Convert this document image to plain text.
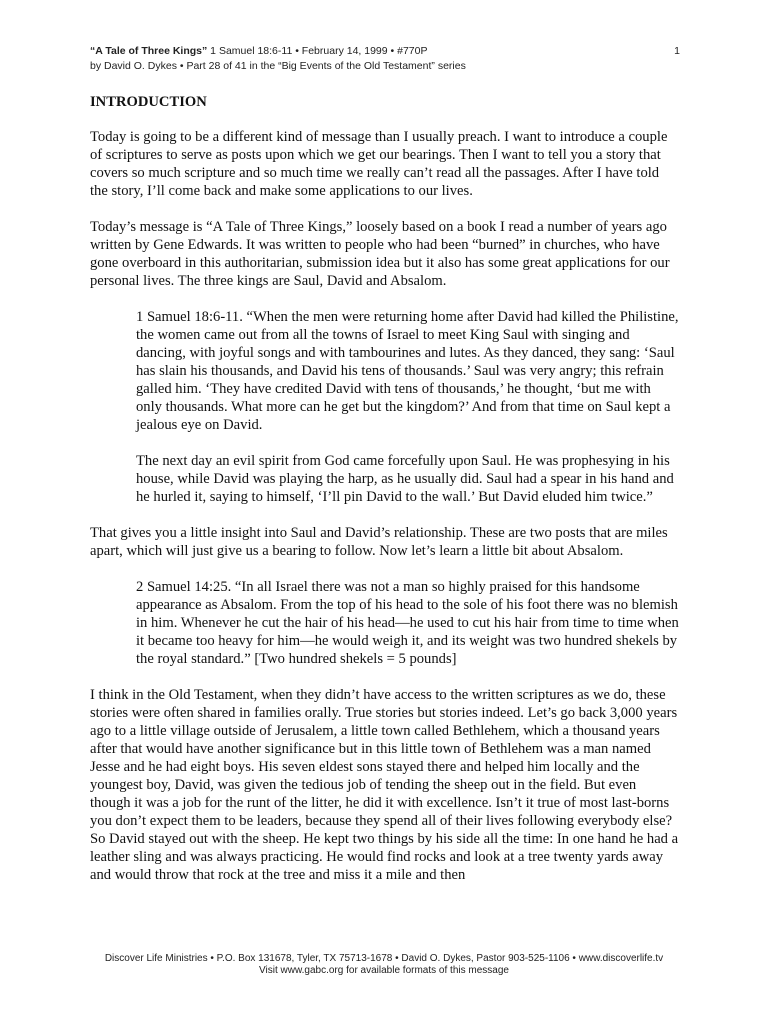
“A Tale of Three Kings” 1 Samuel 18:6-11 • February 14, 1999 • #770P
by David O. Dykes • Part 28 of 41 in the “Big Events of the Old Testament” series
1
INTRODUCTION

Today is going to be a different kind of message than I usually preach. I want to introduce a couple of scriptures to serve as posts upon which we get our bearings. Then I want to tell you a story that covers so much scripture and so much time we really can’t read all the passages. After I have told the story, I’ll come back and make some applications to our lives.

Today’s message is “A Tale of Three Kings,” loosely based on a book I read a number of years ago written by Gene Edwards. It was written to people who had been “burned” in churches, who have gone overboard in this authoritarian, submission idea but it also has some great applications for our personal lives. The three kings are Saul, David and Absalom.

1 Samuel 18:6-11. “When the men were returning home after David had killed the Philistine, the women came out from all the towns of Israel to meet King Saul with singing and dancing, with joyful songs and with tambourines and lutes. As they danced, they sang: ‘Saul has slain his thousands, and David his tens of thousands.’ Saul was very angry; this refrain galled him. ‘They have credited David with tens of thousands,’ he thought, ‘but me with only thousands. What more can he get but the kingdom?’ And from that time on Saul kept a jealous eye on David.

The next day an evil spirit from God came forcefully upon Saul. He was prophesying in his house, while David was playing the harp, as he usually did. Saul had a spear in his hand and he hurled it, saying to himself, ‘I’ll pin David to the wall.’ But David eluded him twice.”

That gives you a little insight into Saul and David’s relationship. These are two posts that are miles apart, which will just give us a bearing to follow. Now let’s learn a little bit about Absalom.

2 Samuel 14:25. “In all Israel there was not a man so highly praised for this handsome appearance as Absalom. From the top of his head to the sole of his foot there was no blemish in him. Whenever he cut the hair of his head—he used to cut his hair from time to time when it became too heavy for him—he would weigh it, and its weight was two hundred shekels by the royal standard.” [Two hundred shekels = 5 pounds]

I think in the Old Testament, when they didn’t have access to the written scriptures as we do, these stories were often shared in families orally. True stories but stories indeed. Let’s go back 3,000 years ago to a little village outside of Jerusalem, a little town called Bethlehem, which a thousand years after that would have another significance but in this little town of Bethlehem was a man named Jesse and he had eight boys. His seven eldest sons stayed there and helped him locally and the youngest boy, David, was given the tedious job of tending the sheep out in the field. But even though it was a job for the runt of the litter, he did it with excellence. Isn’t it true of most last-borns you don’t expect them to be leaders, because they spend all of their lives following everybody else? So David stayed out with the sheep. He kept two things by his side all the time: In one hand he had a leather sling and was always practicing. He would find rocks and look at a tree twenty yards away and would throw that rock at the tree and miss it a mile and then

Discover Life Ministries • P.O. Box 131678, Tyler, TX 75713-1678 • David O. Dykes, Pastor 903-525-1106 • www.discoverlife.tv
Visit www.gabc.org for available formats of this message
